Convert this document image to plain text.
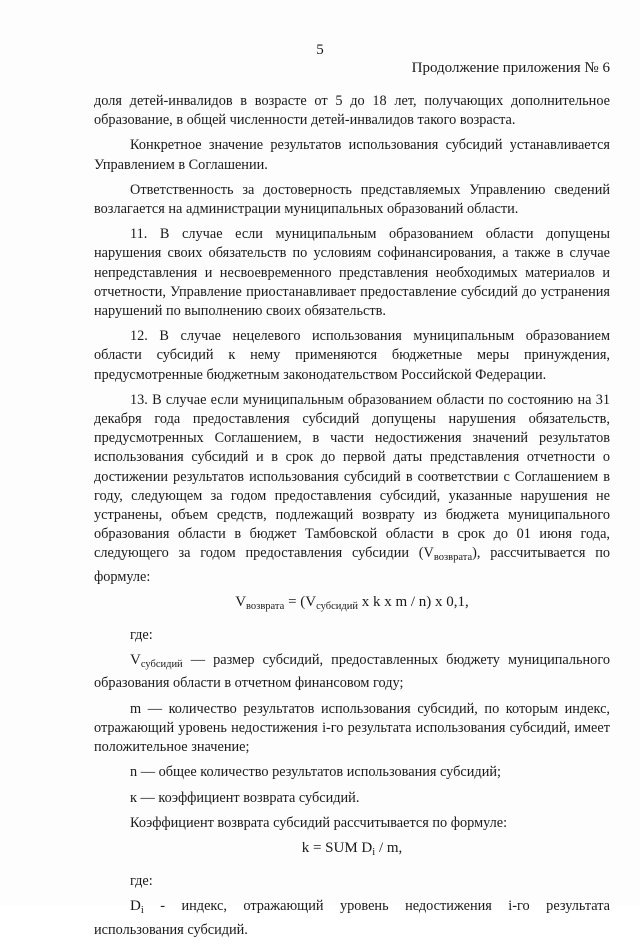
5
Продолжение приложения № 6

доля детей-инвалидов в возрасте от 5 до 18 лет, получающих дополнительное образование, в общей численности детей-инвалидов такого возраста.

Конкретное значение результатов использования субсидий устанавливается Управлением в Соглашении.

Ответственность за достоверность представляемых Управлению сведений возлагается на администрации муниципальных образований области.

11. В случае если муниципальным образованием области допущены нарушения своих обязательств по условиям софинансирования, а также в случае непредставления и несвоевременного представления необходимых материалов и отчетности, Управление приостанавливает предоставление субсидий до устранения нарушений по выполнению своих обязательств.

12. В случае нецелевого использования муниципальным образованием области субсидий к нему применяются бюджетные меры принуждения, предусмотренные бюджетным законодательством Российской Федерации.

13. В случае если муниципальным образованием области по состоянию на 31 декабря года предоставления субсидий допущены нарушения обязательств, предусмотренных Соглашением, в части недостижения значений результатов использования субсидий и в срок до первой даты представления отчетности о достижении результатов использования субсидий в соответствии с Соглашением в году, следующем за годом предоставления субсидий, указанные нарушения не устранены, объем средств, подлежащий возврату из бюджета муниципального образования области в бюджет Тамбовской области в срок до 01 июня года, следующего за годом предоставления субсидии $(V_{возврата})$, рассчитывается по формуле:

$V_{возврата} = (V_{субсидий}$ x k x m / n) x 0,1,
где:

$V_{субсидий}$ — размер субсидий, предоставленных бюджету муниципального образования области в отчетном финансовом году;

m — количество результатов использования субсидий, по которым индекс, отражающий уровень недостижения i-го результата использования субсидий, имеет положительное значение;

n — общее количество результатов использования субсидий;

к — коэффициент возврата субсидий.

Коэффициент возврата субсидий рассчитывается по формуле:

k = SUM $D_i$ / m,
где:

$D_i$ - индекс, отражающий уровень недостижения i-го результата использования субсидий.
